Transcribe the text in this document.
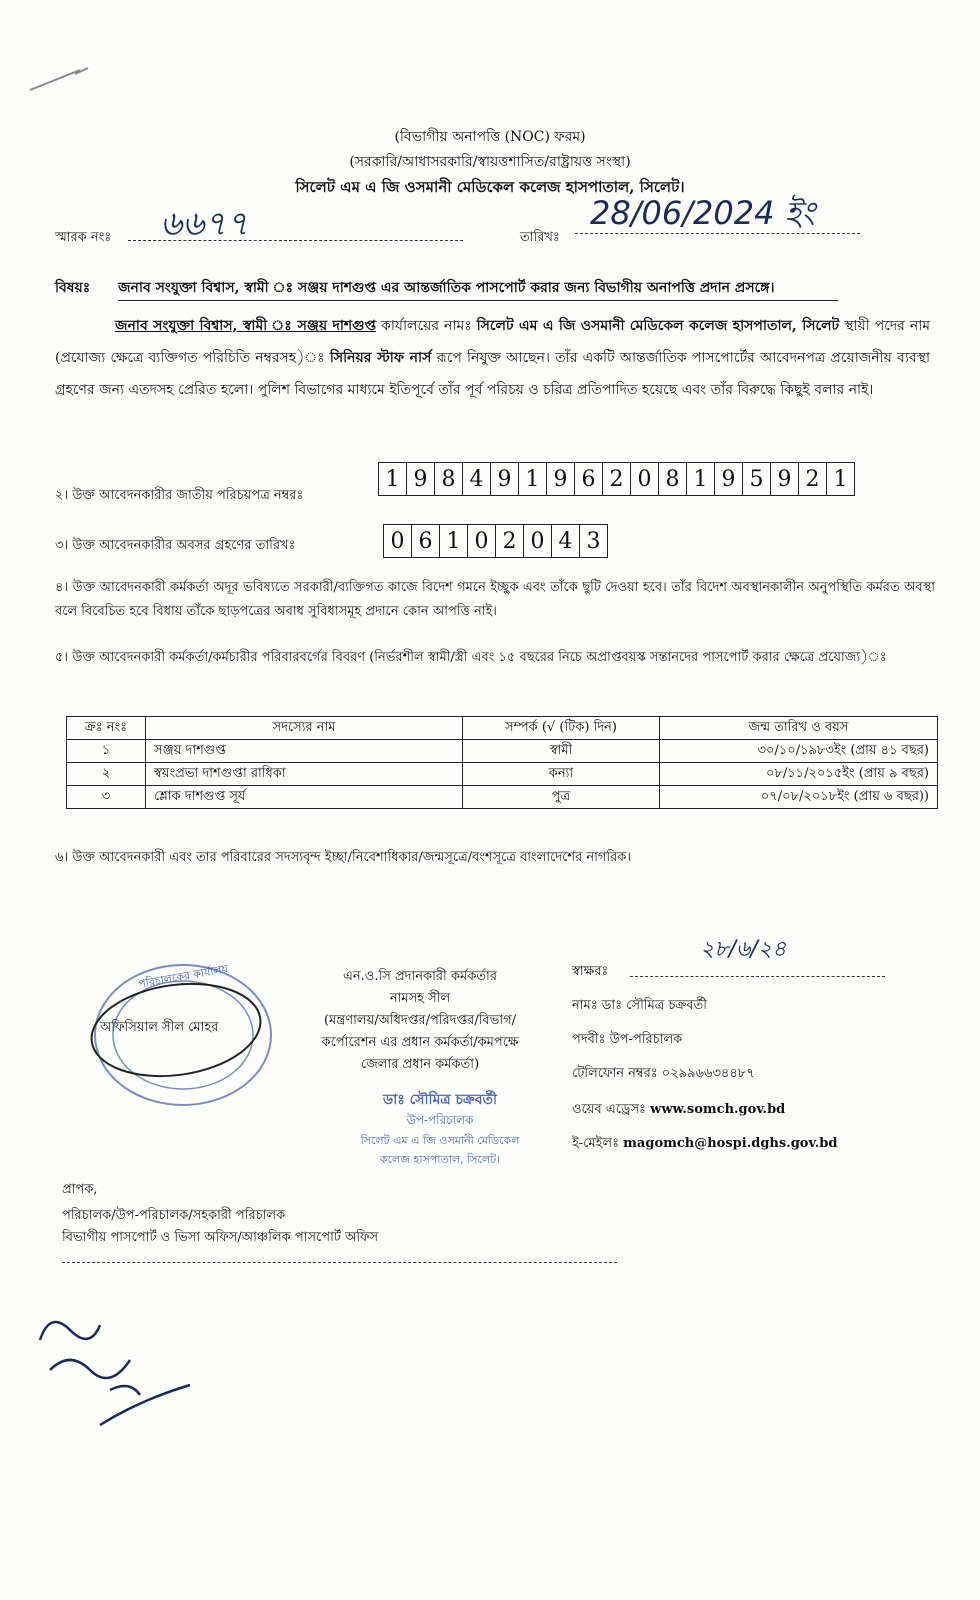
(বিভাগীয় অনাপত্তি (NOC) ফরম)
(সরকারি/আধাসরকারি/স্বায়ত্তশাসিত/রাষ্ট্রায়ত্ত সংস্থা)
সিলেট এম এ জি ওসমানী মেডিকেল কলেজ হাসপাতাল, সিলেট।
স্মারক নংঃ ৬৬৭৭	তারিখঃ
28/06/2024 ইং
বিষয়ঃ জনাব সংযুক্তা বিশ্বাস, স্বামী ঃ সঞ্জয় দাশগুপ্ত এর আন্তর্জাতিক পাসপোর্ট করার জন্য বিভাগীয় অনাপত্তি প্রদান প্রসঙ্গে।
জনাব সংযুক্তা বিশ্বাস, স্বামী ঃ সঞ্জয় দাশগুপ্ত কার্যালয়ের নামঃ সিলেট এম এ জি ওসমানী মেডিকেল কলেজ হাসপাতাল, সিলেট স্থায়ী পদের নাম (প্রযোজ্য ক্ষেত্রে ব্যক্তিগত পরিচিতি নম্বরসহ)ঃ সিনিয়র স্টাফ নার্স রূপে নিযুক্ত আছেন। তাঁর একটি আন্তর্জাতিক পাসপোর্টের আবেদনপত্র প্রয়োজনীয় ব্যবস্থা গ্রহণের জন্য এতদসহ প্রেরিত হলো। পুলিশ বিভাগের মাধ্যমে ইতিপূর্বে তাঁর পূর্ব পরিচয় ও চরিত্র প্রতিপাদিত হয়েছে এবং তাঁর বিরুদ্ধে কিছুই বলার নাই।
২। উক্ত আবেদনকারীর জাতীয় পরিচয়পত্র নম্বরঃ
1 9 8 4 9 1 9 6 2 0 8 1 9 5 9 2 1
৩। উক্ত আবেদনকারীর অবসর গ্রহণের তারিখঃ	0 6 1 0 2 0 4 3
৪। উক্ত আবেদনকারী কর্মকর্তা অদূর ভবিষ্যতে সরকারী/ব্যক্তিগত কাজে বিদেশ গমনে ইচ্ছুক এবং তাঁকে ছুটি দেওয়া হবে। তাঁর বিদেশ অবস্থানকালীন অনুপস্থিতি কর্মরত অবস্থা বলে বিবেচিত হবে বিধায় তাঁকে ছাড়পত্রের অবাধ সুবিধাসমূহ প্রদানে কোন আপত্তি নাই।
৫। উক্ত আবেদনকারী কর্মকর্তা/কর্মচারীর পরিবারবর্গের বিবরণ (নির্ভরশীল স্বামী/স্ত্রী এবং ১৫ বছরের নিচে অপ্রাপ্তবয়স্ক সন্তানদের পাসপোর্ট করার ক্ষেত্রে প্রযোজ্য)ঃ
ক্রঃ নংঃ	সদস্যের নাম	সম্পর্ক (√ (টিক) দিন)	জন্ম তারিখ ও বয়স
১	সঞ্জয় দাশগুপ্ত	স্বামী	৩০/১০/১৯৮৩ইং (প্রায় ৪১ বছর)
২	স্বয়ংপ্রভা দাশগুপ্তা রাধিকা	কন্যা	০৮/১১/২০১৫ইং (প্রায় ৯ বছর)
৩	শ্লোক দাশগুপ্ত সূর্য	পুত্র	০৭/০৮/২০১৮ইং (প্রায় ৬ বছর))
৬। উক্ত আবেদনকারী এবং তার পরিবারের সদস্যবৃন্দ ইচ্ছা/নিবেশাধিকার/জন্মসূত্রে/বংশসূত্রে বাংলাদেশের নাগরিক।
পরিচালকের কার্যালয়
অফিসিয়াল সীল মোহর
এন.ও.সি প্রদানকারী কর্মকর্তার
নামসহ সীল
(মন্ত্রণালয়/অধিদপ্তর/পরিদপ্তর/বিভাগ/
কর্পোরেশন এর প্রধান কর্মকর্তা/কমপক্ষে
জেলার প্রধান কর্মকর্তা)
ডাঃ সৌমিত্র চক্রবর্তী
উপ-পরিচালক
সিলেট এম এ জি ওসমানী মেডিকেল
কলেজ হাসপাতাল, সিলেট।
স্বাক্ষরঃ
২৮/৬/২৪
নামঃ ডাঃ সৌমিত্র চক্রবর্তী
পদবীঃ উপ-পরিচালক
টেলিফোন নম্বরঃ ০২৯৯৬৬৩৪৪৮৭
ওয়েব এড্রেসঃ www.somch.gov.bd
ই-মেইলঃ magomch@hospi.dghs.gov.bd
প্রাপক,
পরিচালক/উপ-পরিচালক/সহকারী পরিচালক
বিভাগীয় পাসপোর্ট ও ভিসা অফিস/আঞ্চলিক পাসপোর্ট অফিস
